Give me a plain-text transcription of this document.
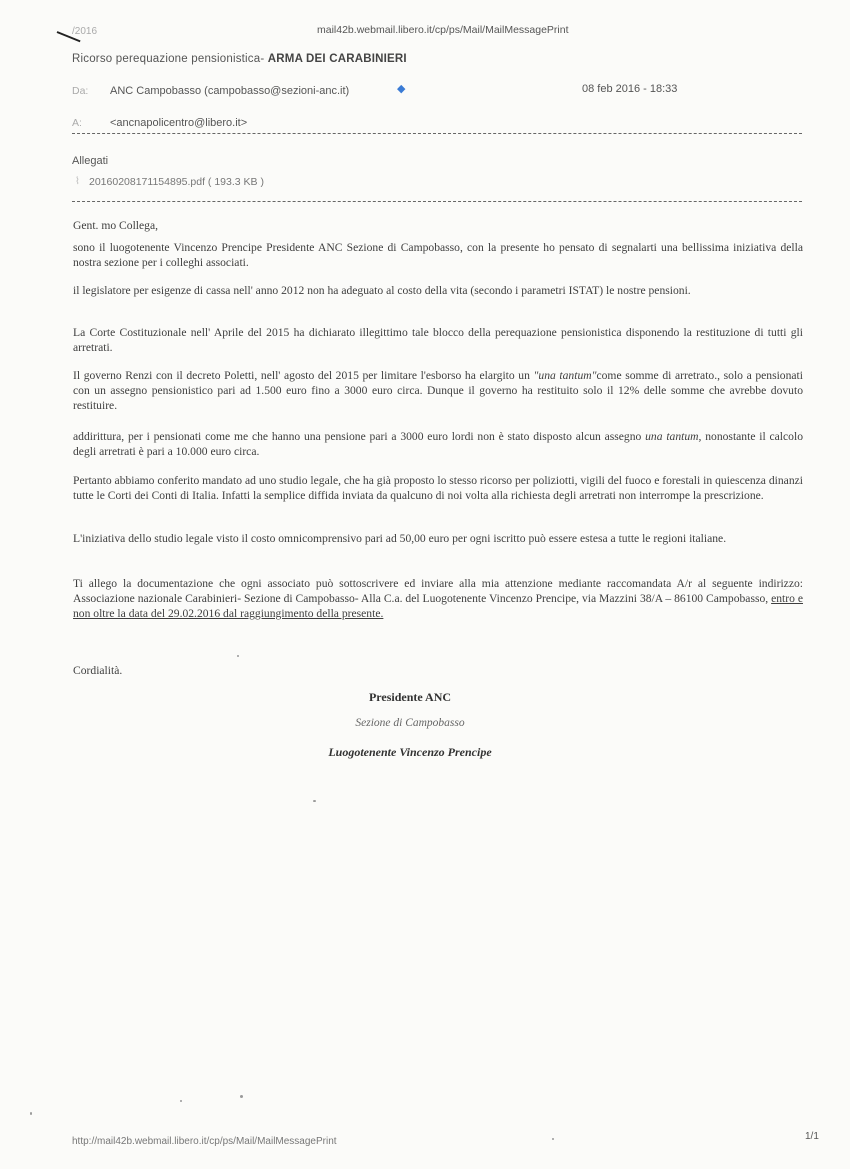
/2016	mail42b.webmail.libero.it/cp/ps/Mail/MailMessagePrint
Ricorso perequazione pensionistica- ARMA DEI CARABINIERI
Da: ANC Campobasso (campobasso@sezioni-anc.it)	◆	08 feb 2016 - 18:33
A:	<ancnapolicentro@libero.it>
Allegati
⌇ 20160208171154895.pdf ( 193.3 KB )

Gent. mo Collega,

sono il luogotenente Vincenzo Prencipe Presidente ANC Sezione di Campobasso, con la presente ho pensato di segnalarti una bellissima iniziativa della nostra sezione per i colleghi associati.

il legislatore per esigenze di cassa nell' anno 2012 non ha adeguato al costo della vita (secondo i parametri ISTAT) le nostre pensioni.

La Corte Costituzionale nell' Aprile del 2015 ha dichiarato illegittimo tale blocco della perequazione pensionistica disponendo la restituzione di tutti gli arretrati.

Il governo Renzi con il decreto Poletti, nell' agosto del 2015 per limitare l'esborso ha elargito un "una tantum"come somme di arretrato., solo a pensionati con un assegno pensionistico pari ad 1.500 euro fino a 3000 euro circa. Dunque il governo ha restituito solo il 12% delle somme che avrebbe dovuto restituire.

addirittura, per i pensionati come me che hanno una pensione pari a 3000 euro lordi non è stato disposto alcun assegno una tantum, nonostante il calcolo degli arretrati è pari a 10.000 euro circa.

Pertanto abbiamo conferito mandato ad uno studio legale, che ha già proposto lo stesso ricorso per poliziotti, vigili del fuoco e forestali in quiescenza dinanzi tutte le Corti dei Conti di Italia. Infatti la semplice diffida inviata da qualcuno di noi volta alla richiesta degli arretrati non interrompe la prescrizione.

L'iniziativa dello studio legale visto il costo omnicomprensivo pari ad 50,00 euro per ogni iscritto può essere estesa a tutte le regioni italiane.

Ti allego la documentazione che ogni associato può sottoscrivere ed inviare alla mia attenzione mediante raccomandata A/r al seguente indirizzo: Associazione nazionale Carabinieri- Sezione di Campobasso- Alla C.a. del Luogotenente Vincenzo Prencipe, via Mazzini 38/A – 86100 Campobasso, entro e non oltre la data del 29.02.2016 dal raggiungimento della presente.

Cordialità.

Presidente ANC
Sezione di Campobasso
Luogotenente Vincenzo Prencipe
http://mail42b.webmail.libero.it/cp/ps/Mail/MailMessagePrint	1/1
